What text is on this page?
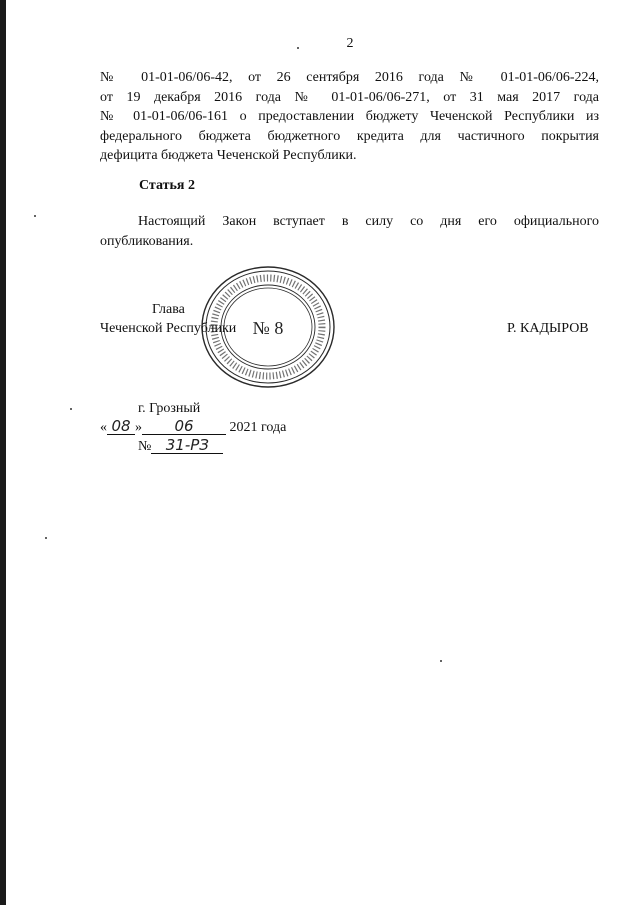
2
№ 01-01-06/06-42, от 26 сентября 2016 года № 01-01-06/06-224,
от 19 декабря 2016 года № 01-01-06/06-271, от 31 мая 2017 года
№ 01-01-06/06-161 о предоставлении бюджету Чеченской Республики из
федерального бюджета бюджетного кредита для частичного покрытия
дефицита бюджета Чеченской Республики.
Статья 2
Настоящий Закон вступает в силу со дня его официального
опубликования.
№ 8
Глава
Чеченской Республики	Р. КАДЫРОВ
г. Грозный
« 08 » 06	2021 года
№ 31-РЗ
